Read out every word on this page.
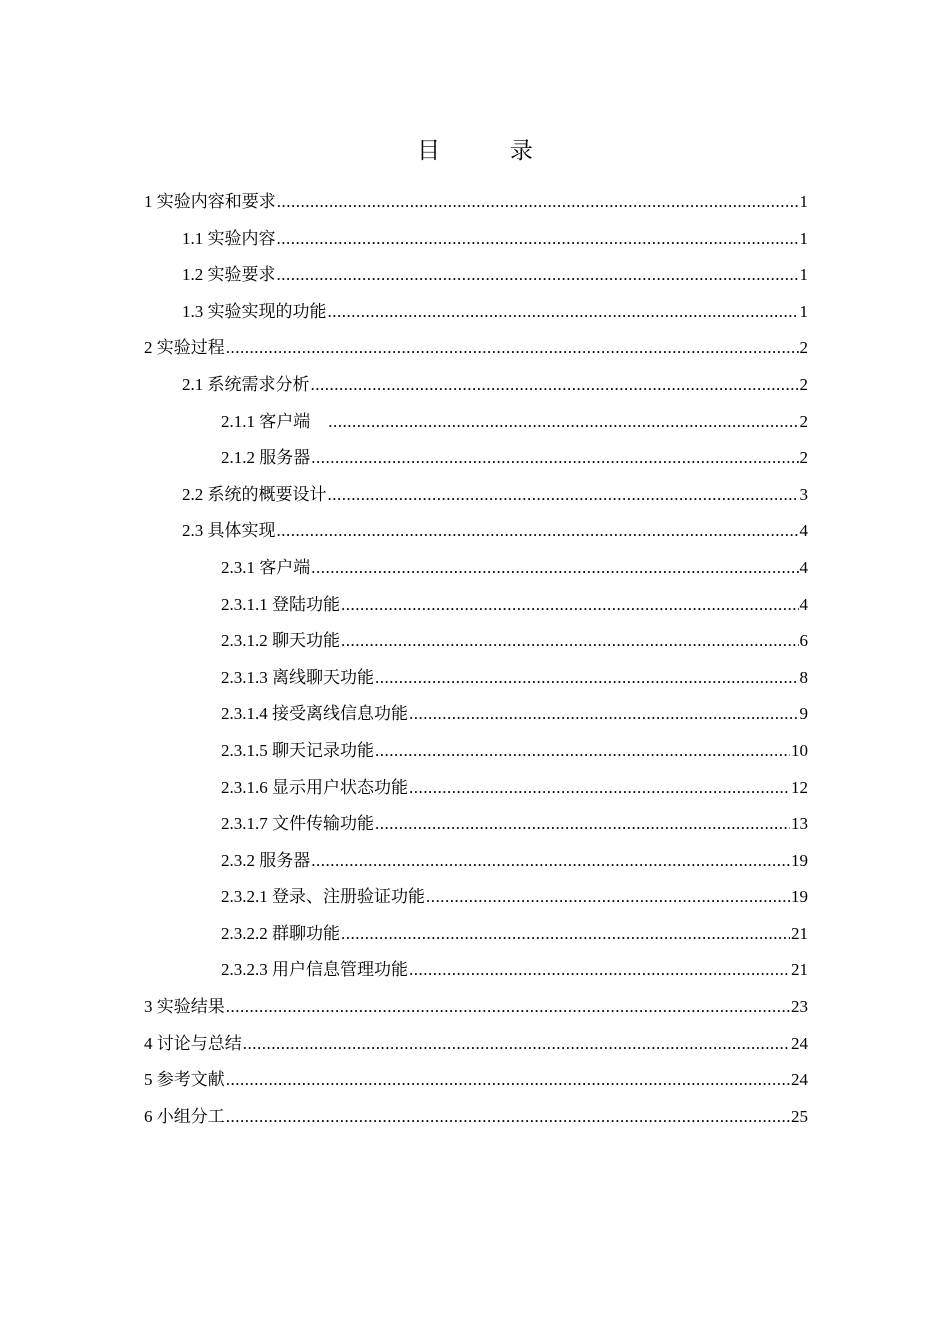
目 录
1 实验内容和要求 .....	1
1.1 实验内容 .....	1
1.2 实验要求 .....	1
1.3 实验实现的功能 .....	1
2 实验过程 .....	2
2.1 系统需求分析 .....	2
2.1.1 客户端 .....	2
2.1.2 服务器 .....	2
2.2 系统的概要设计 .....	3
2.3 具体实现 .....	4
2.3.1 客户端 .....	4
2.3.1.1 登陆功能 .....	4
2.3.1.2 聊天功能 .....	6
2.3.1.3 离线聊天功能 .....	8
2.3.1.4 接受离线信息功能 .....	9
2.3.1.5 聊天记录功能 .....	10
2.3.1.6 显示用户状态功能 .....	12
2.3.1.7 文件传输功能 .....	13
2.3.2 服务器 .....	19
2.3.2.1 登录、注册验证功能 .....	19
2.3.2.2 群聊功能 .....	21
2.3.2.3 用户信息管理功能 .....	21
3 实验结果 .....	23
4 讨论与总结 .....	24
5 参考文献 .....	24
6 小组分工 .....	25
